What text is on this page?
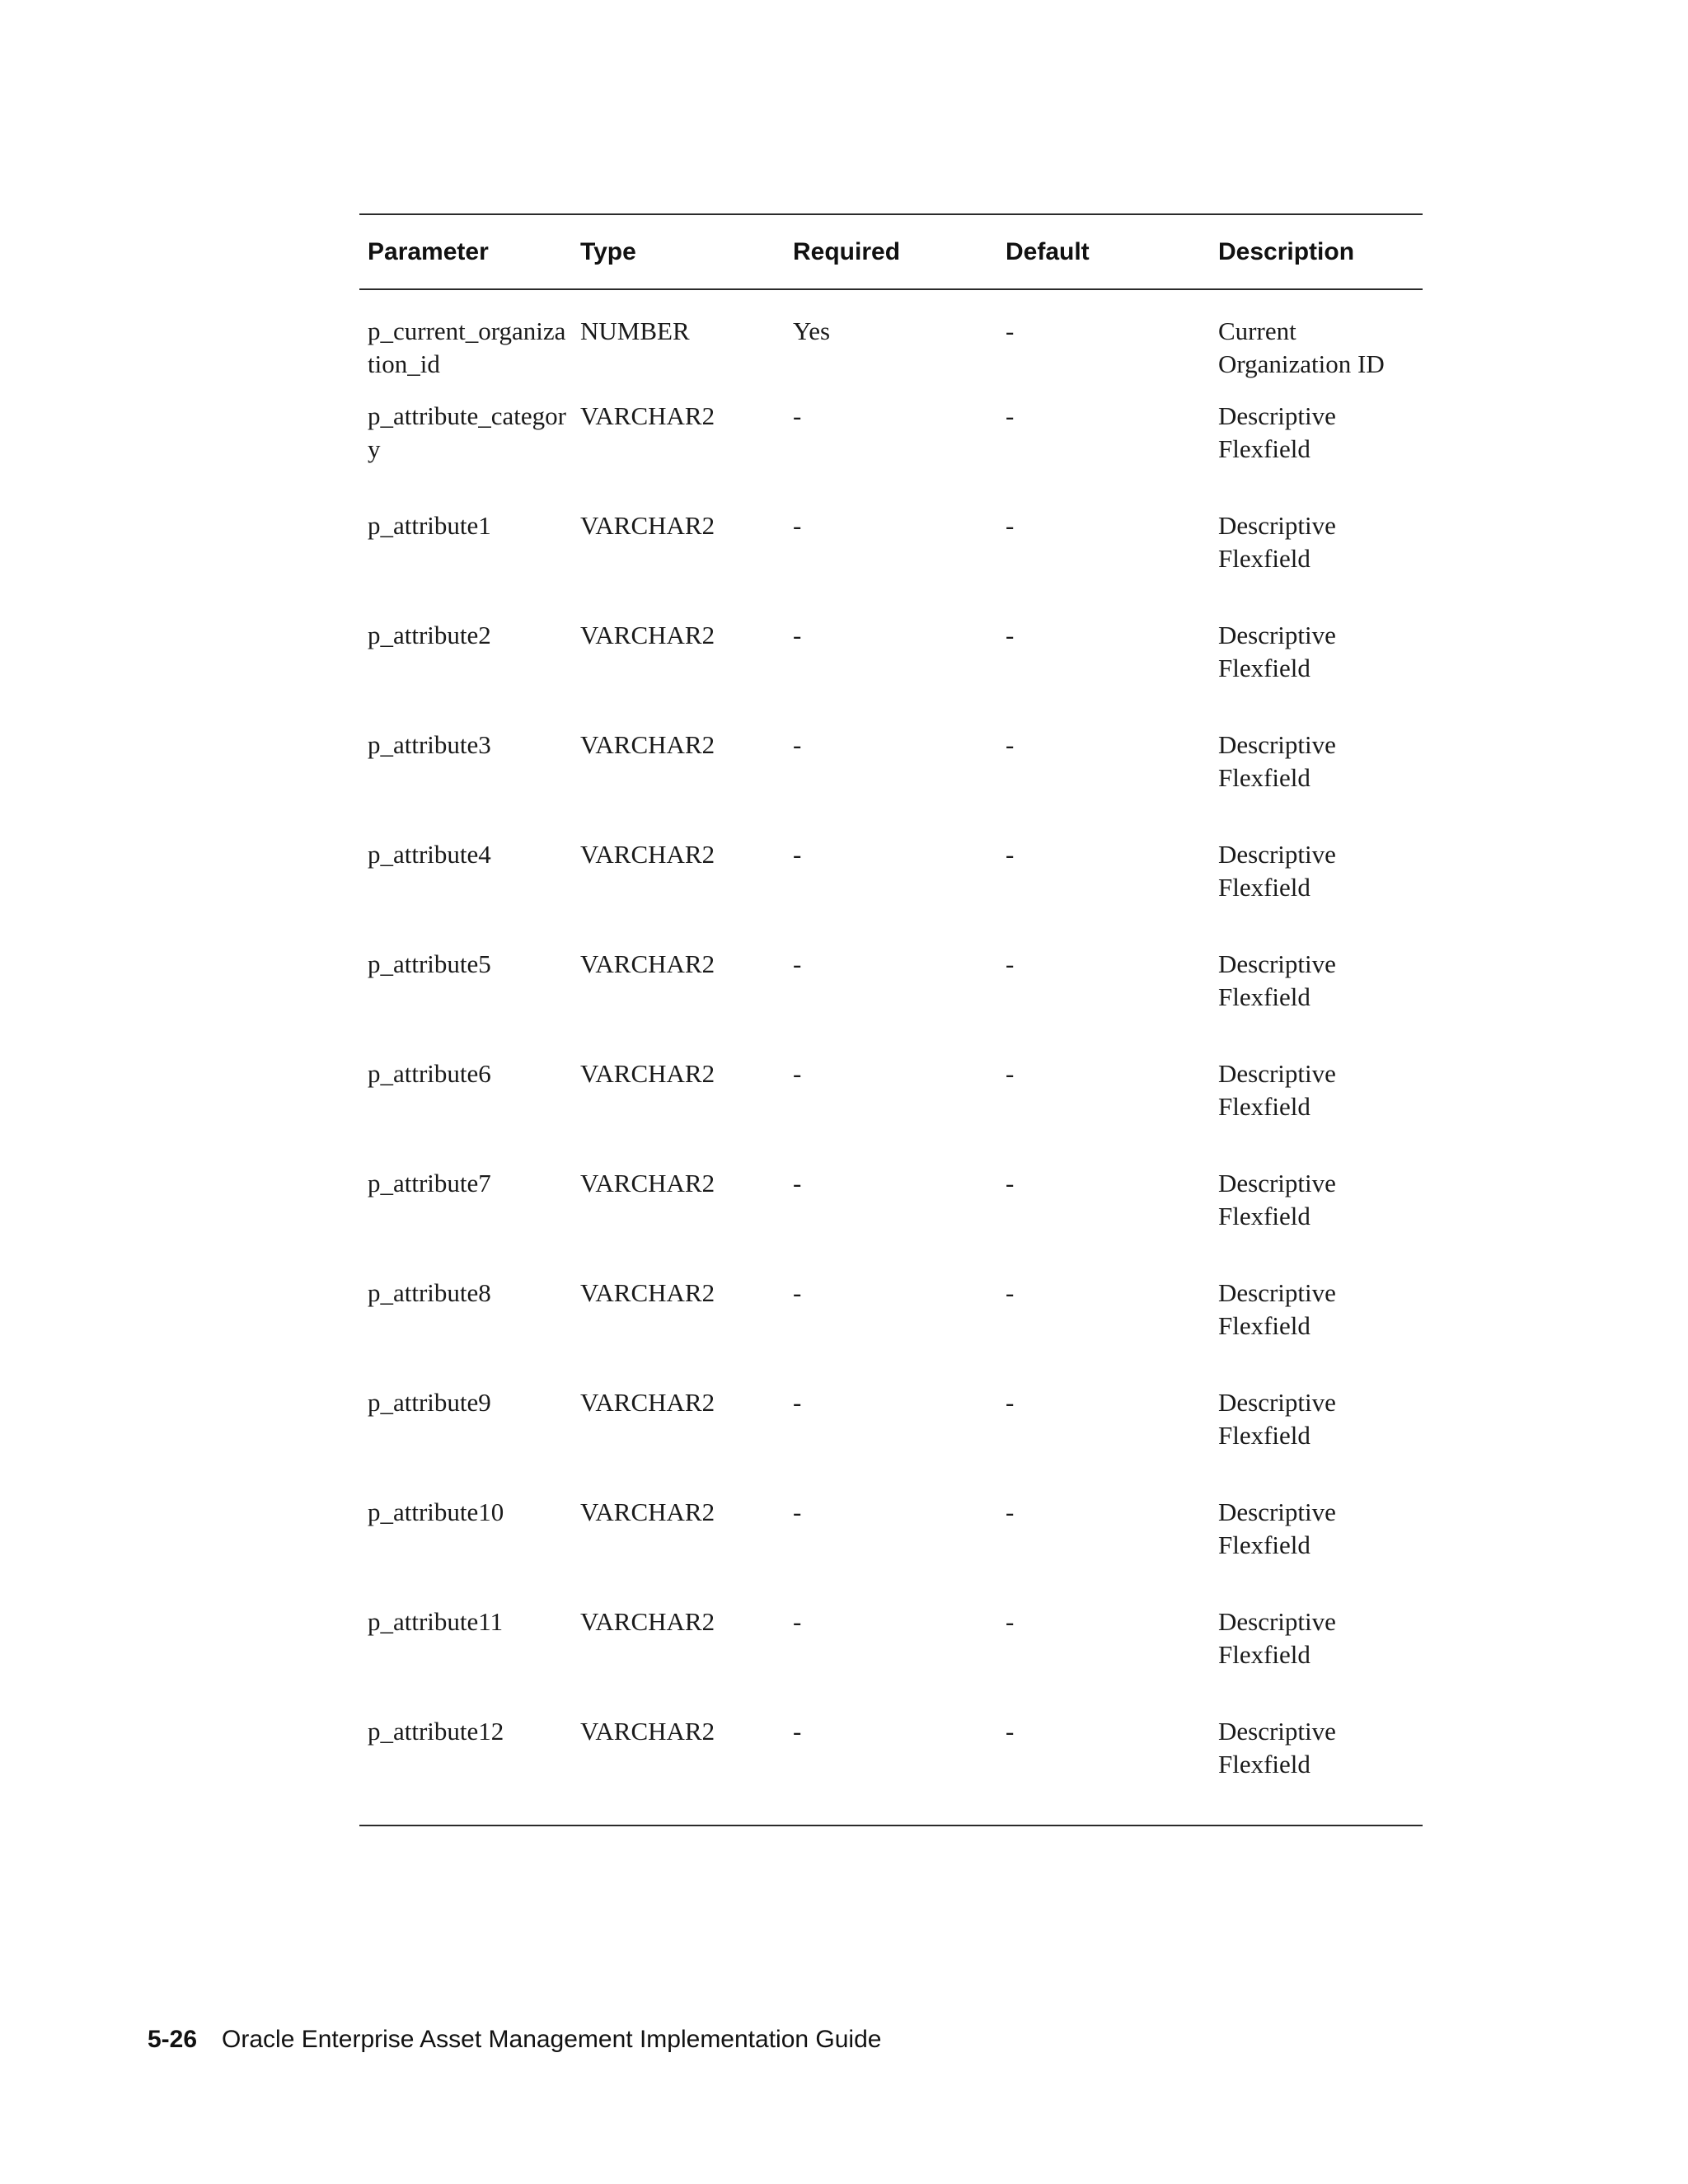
Parameter	Type	Required	Default	Description
p_current_organization_id	NUMBER	Yes	-	Current Organization ID
p_attribute_category	VARCHAR2	-	-	Descriptive Flexfield
p_attribute1	VARCHAR2	-	-	Descriptive Flexfield
p_attribute2	VARCHAR2	-	-	Descriptive Flexfield
p_attribute3	VARCHAR2	-	-	Descriptive Flexfield
p_attribute4	VARCHAR2	-	-	Descriptive Flexfield
p_attribute5	VARCHAR2	-	-	Descriptive Flexfield
p_attribute6	VARCHAR2	-	-	Descriptive Flexfield
p_attribute7	VARCHAR2	-	-	Descriptive Flexfield
p_attribute8	VARCHAR2	-	-	Descriptive Flexfield
p_attribute9	VARCHAR2	-	-	Descriptive Flexfield
p_attribute10	VARCHAR2	-	-	Descriptive Flexfield
p_attribute11	VARCHAR2	-	-	Descriptive Flexfield
p_attribute12	VARCHAR2	-	-	Descriptive Flexfield
5-26 Oracle Enterprise Asset Management Implementation Guide
